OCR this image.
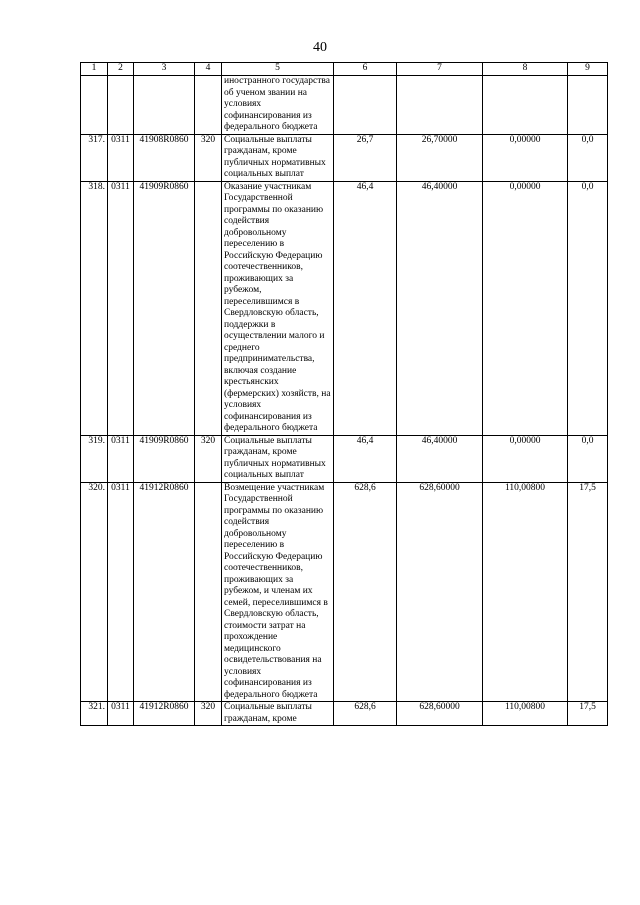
40
1	2	3	4	5	6	7	8	9
				иностранного государства об ученом звании на условиях софинансирования из федерального бюджета				
317.	0311	41908R0860	320	Социальные выплаты гражданам, кроме публичных нормативных социальных выплат	26,7	26,70000	0,00000	0,0
318.	0311	41909R0860		Оказание участникам Государственной программы по оказанию содействия добровольному переселению в Российскую Федерацию соотечественников, проживающих за рубежом, переселившимся в Свердловскую область, поддержки в осуществлении малого и среднего предпринимательства, включая создание крестьянских (фермерских) хозяйств, на условиях софинансирования из федерального бюджета	46,4	46,40000	0,00000	0,0
319.	0311	41909R0860	320	Социальные выплаты гражданам, кроме публичных нормативных социальных выплат	46,4	46,40000	0,00000	0,0
320.	0311	41912R0860		Возмещение участникам Государственной программы по оказанию содействия добровольному переселению в Российскую Федерацию соотечественников, проживающих за рубежом, и членам их семей, переселившимся в Свердловскую область, стоимости затрат на прохождение медицинского освидетельствования на условиях софинансирования из федерального бюджета	628,6	628,60000	110,00800	17,5
321.	0311	41912R0860	320	Социальные выплаты гражданам, кроме	628,6	628,60000	110,00800	17,5
